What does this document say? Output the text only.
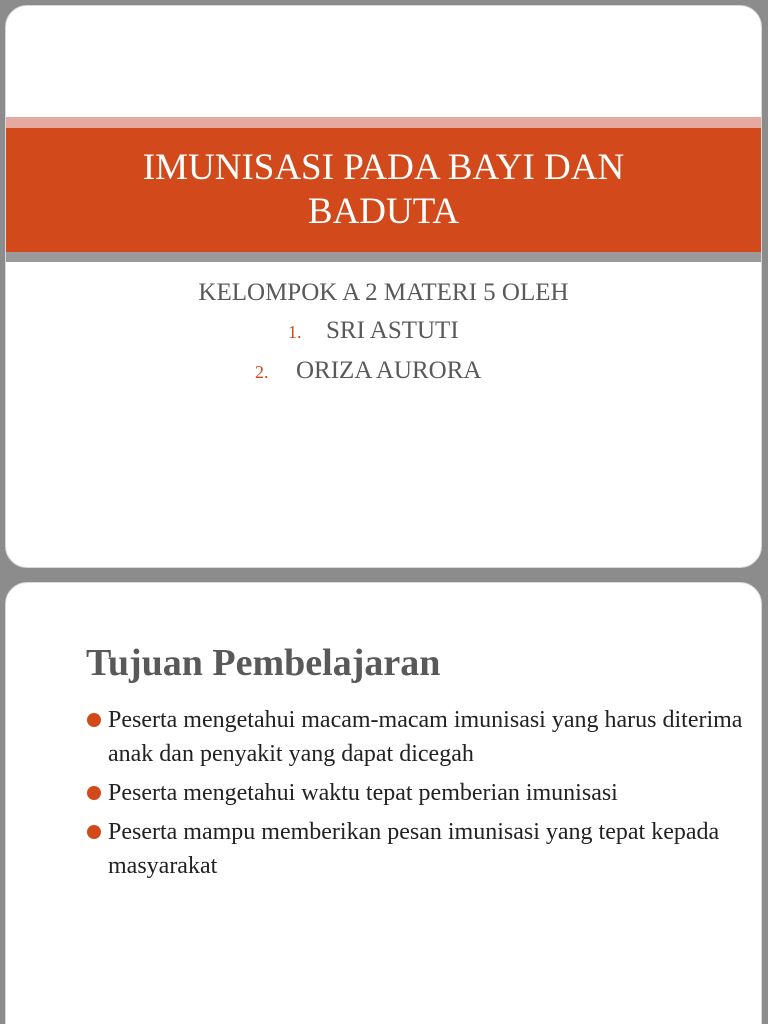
IMUNISASI PADA BAYI DAN BADUTA
KELOMPOK A 2 MATERI 5 OLEH
1. SRI ASTUTI
2. ORIZA AURORA
Tujuan Pembelajaran
Peserta mengetahui macam-macam imunisasi yang harus diterima anak dan penyakit yang dapat dicegah
Peserta mengetahui waktu tepat pemberian imunisasi
Peserta mampu memberikan pesan imunisasi yang tepat kepada masyarakat
